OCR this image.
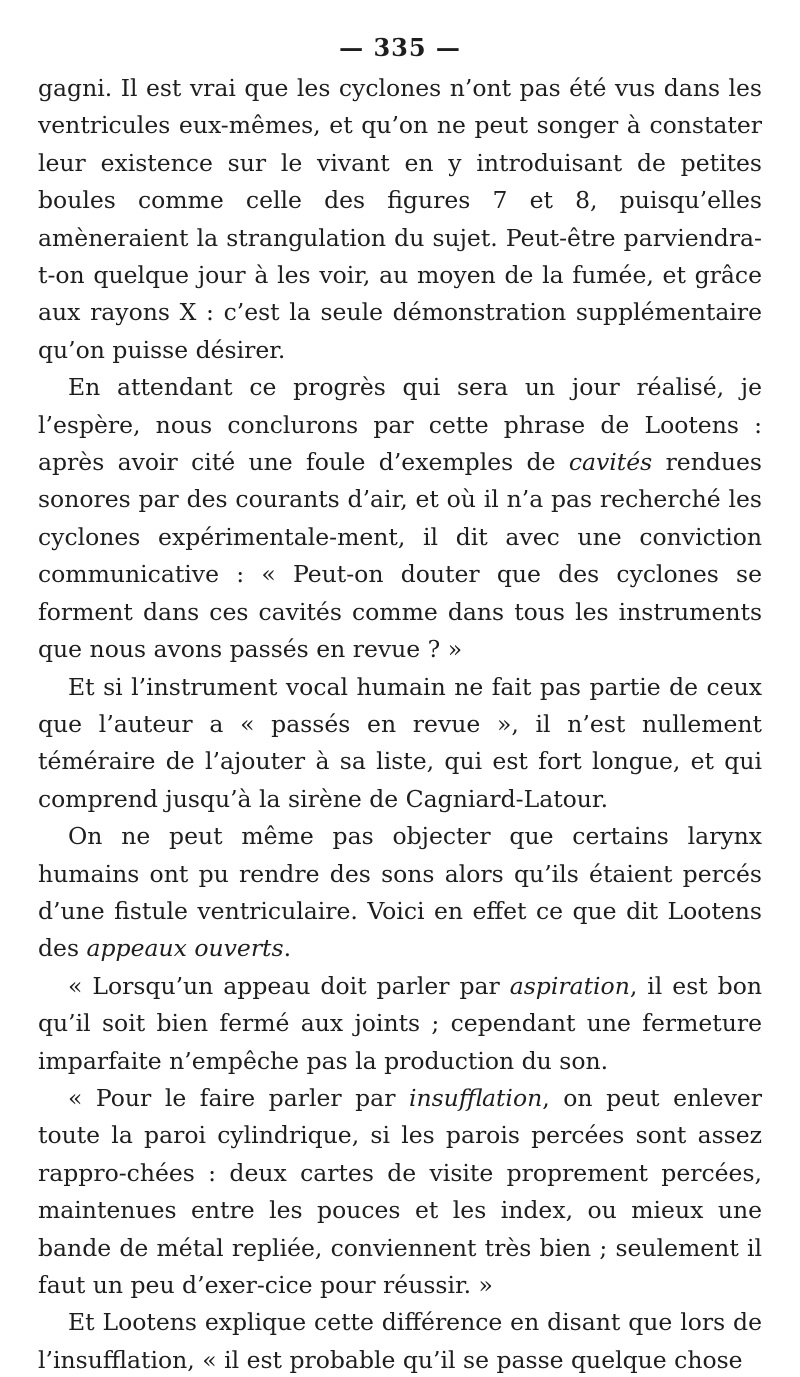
— 335 —

gagni. Il est vrai que les cyclones n’ont pas été vus dans les ventricules eux-mêmes, et qu’on ne peut songer à constater leur existence sur le vivant en y introduisant de petites boules comme celle des figures 7 et 8, puisqu’elles amèneraient la strangulation du sujet. Peut-être parviendra-t-on quelque jour à les voir, au moyen de la fumée, et grâce aux rayons X : c’est la seule démonstration supplémentaire qu’on puisse désirer.

En attendant ce progrès qui sera un jour réalisé, je l’espère, nous conclurons par cette phrase de Lootens : après avoir cité une foule d’exemples de cavités rendues sonores par des courants d’air, et où il n’a pas recherché les cyclones expérimentale-ment, il dit avec une conviction communicative : « Peut-on douter que des cyclones se forment dans ces cavités comme dans tous les instruments que nous avons passés en revue ? »

Et si l’instrument vocal humain ne fait pas partie de ceux que l’auteur a « passés en revue », il n’est nullement téméraire de l’ajouter à sa liste, qui est fort longue, et qui comprend jusqu’à la sirène de Cagniard-Latour.

On ne peut même pas objecter que certains larynx humains ont pu rendre des sons alors qu’ils étaient percés d’une fistule ventriculaire. Voici en effet ce que dit Lootens des appeaux ouverts.

« Lorsqu’un appeau doit parler par aspiration, il est bon qu’il soit bien fermé aux joints ; cependant une fermeture imparfaite n’empêche pas la production du son.

« Pour le faire parler par insufflation, on peut enlever toute la paroi cylindrique, si les parois percées sont assez rappro-chées : deux cartes de visite proprement percées, maintenues entre les pouces et les index, ou mieux une bande de métal repliée, conviennent très bien ; seulement il faut un peu d’exer-cice pour réussir. »

Et Lootens explique cette différence en disant que lors de l’insufflation, « il est probable qu’il se passe quelque chose
